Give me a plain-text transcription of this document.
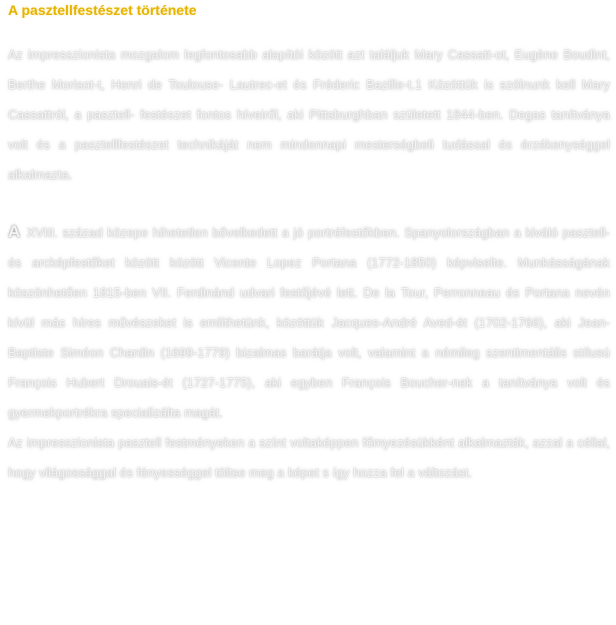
A pasztellfestészet története

Az impresszionista mozgalom legfontosabb alapítói között azt találjuk Mary Cassatt-ot, Eugène Boudint, Berthe Morisot-t, Henri de Toulouse- Lautrec-et és Fréderic Bazille-t.1 Közöttük is szólnunk kell Mary Cassattról, a pasztell- festészet fontos híveiről, aki Pittsburghban született 1844-ben. Degas tanítványa volt és a pasztellfestészet technikáját nem mindennapi mesterségbeli tudással és érzékenységgel alkalmazta.

A XVIII. század közepe hihetetlen bővelkedett a jó portréfestőkben. Spanyolországban a kiváló pasztell- és arcképfestőket között között Vicente Lopez Portana (1772-1850) képviselte. Munkásságának köszönhetően 1815-ben VII. Ferdinánd udvari festőjévé lett. De la Tour, Perronneau és Portana nevén kívül más híres művészeket is említhetünk, közöttük Jacques-André Aved-ét (1702-1766), aki Jean-Baptiste Siméon Chardin (1699-1779) bizalmas barátja volt, valamint a némileg szentimentális stílusú François Hubert Drouais-ét (1727-1775), aki egyben François Boucher-nek a tanítványa volt és gyermekportrékra specializálta magát.

Az impresszionista pasztell festményeken a színt voltaképpen főmyezésükként alkalmazták, azzal a céllal, hogy világossággal és fényességgel töltse meg a képet s így hozza fel a változást.
